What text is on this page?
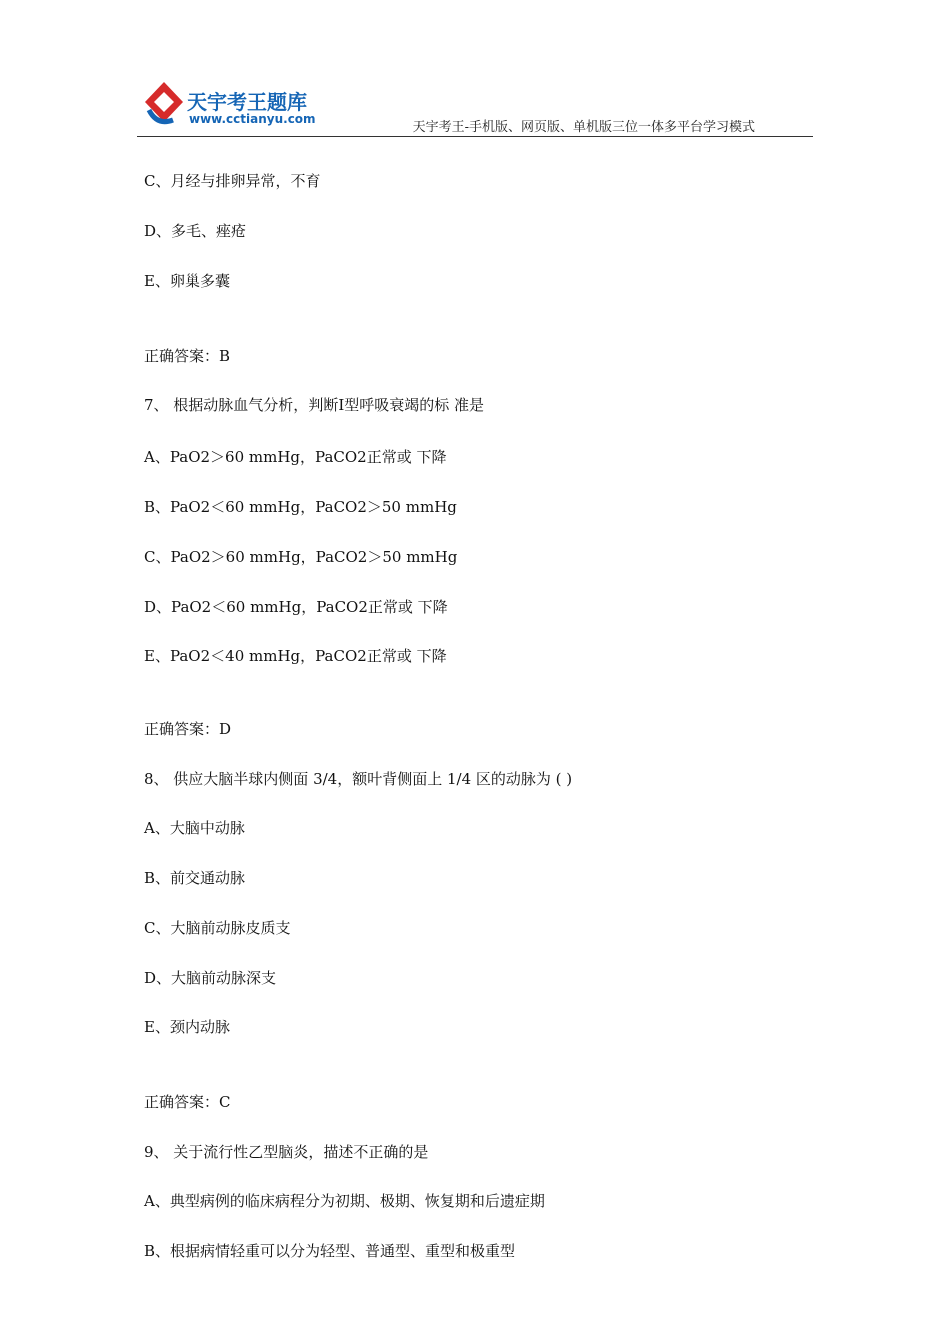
天宇考王题库
www.cctianyu.com
天宇考王-手机版、网页版、单机版三位一体多平台学习模式
C、月经与排卵异常，不育
D、多毛、痤疮
E、卵巢多囊
正确答案：B
7、 根据动脉血气分析，判断Ⅰ型呼吸衰竭的标 准是
A、PaO2＞60 mmHg，PaCO2正常或 下降
B、PaO2＜60 mmHg，PaCO2＞50 mmHg
C、PaO2＞60 mmHg，PaCO2＞50 mmHg
D、PaO2＜60 mmHg，PaCO2正常或 下降
E、PaO2＜40 mmHg，PaCO2正常或 下降
正确答案：D
8、 供应大脑半球内侧面 3/4，额叶背侧面上 1/4 区的动脉为 ( )
A、大脑中动脉
B、前交通动脉
C、大脑前动脉皮质支
D、大脑前动脉深支
E、颈内动脉
正确答案：C
9、 关于流行性乙型脑炎，描述不正确的是
A、典型病例的临床病程分为初期、极期、恢复期和后遗症期
B、根据病情轻重可以分为轻型、普通型、重型和极重型
